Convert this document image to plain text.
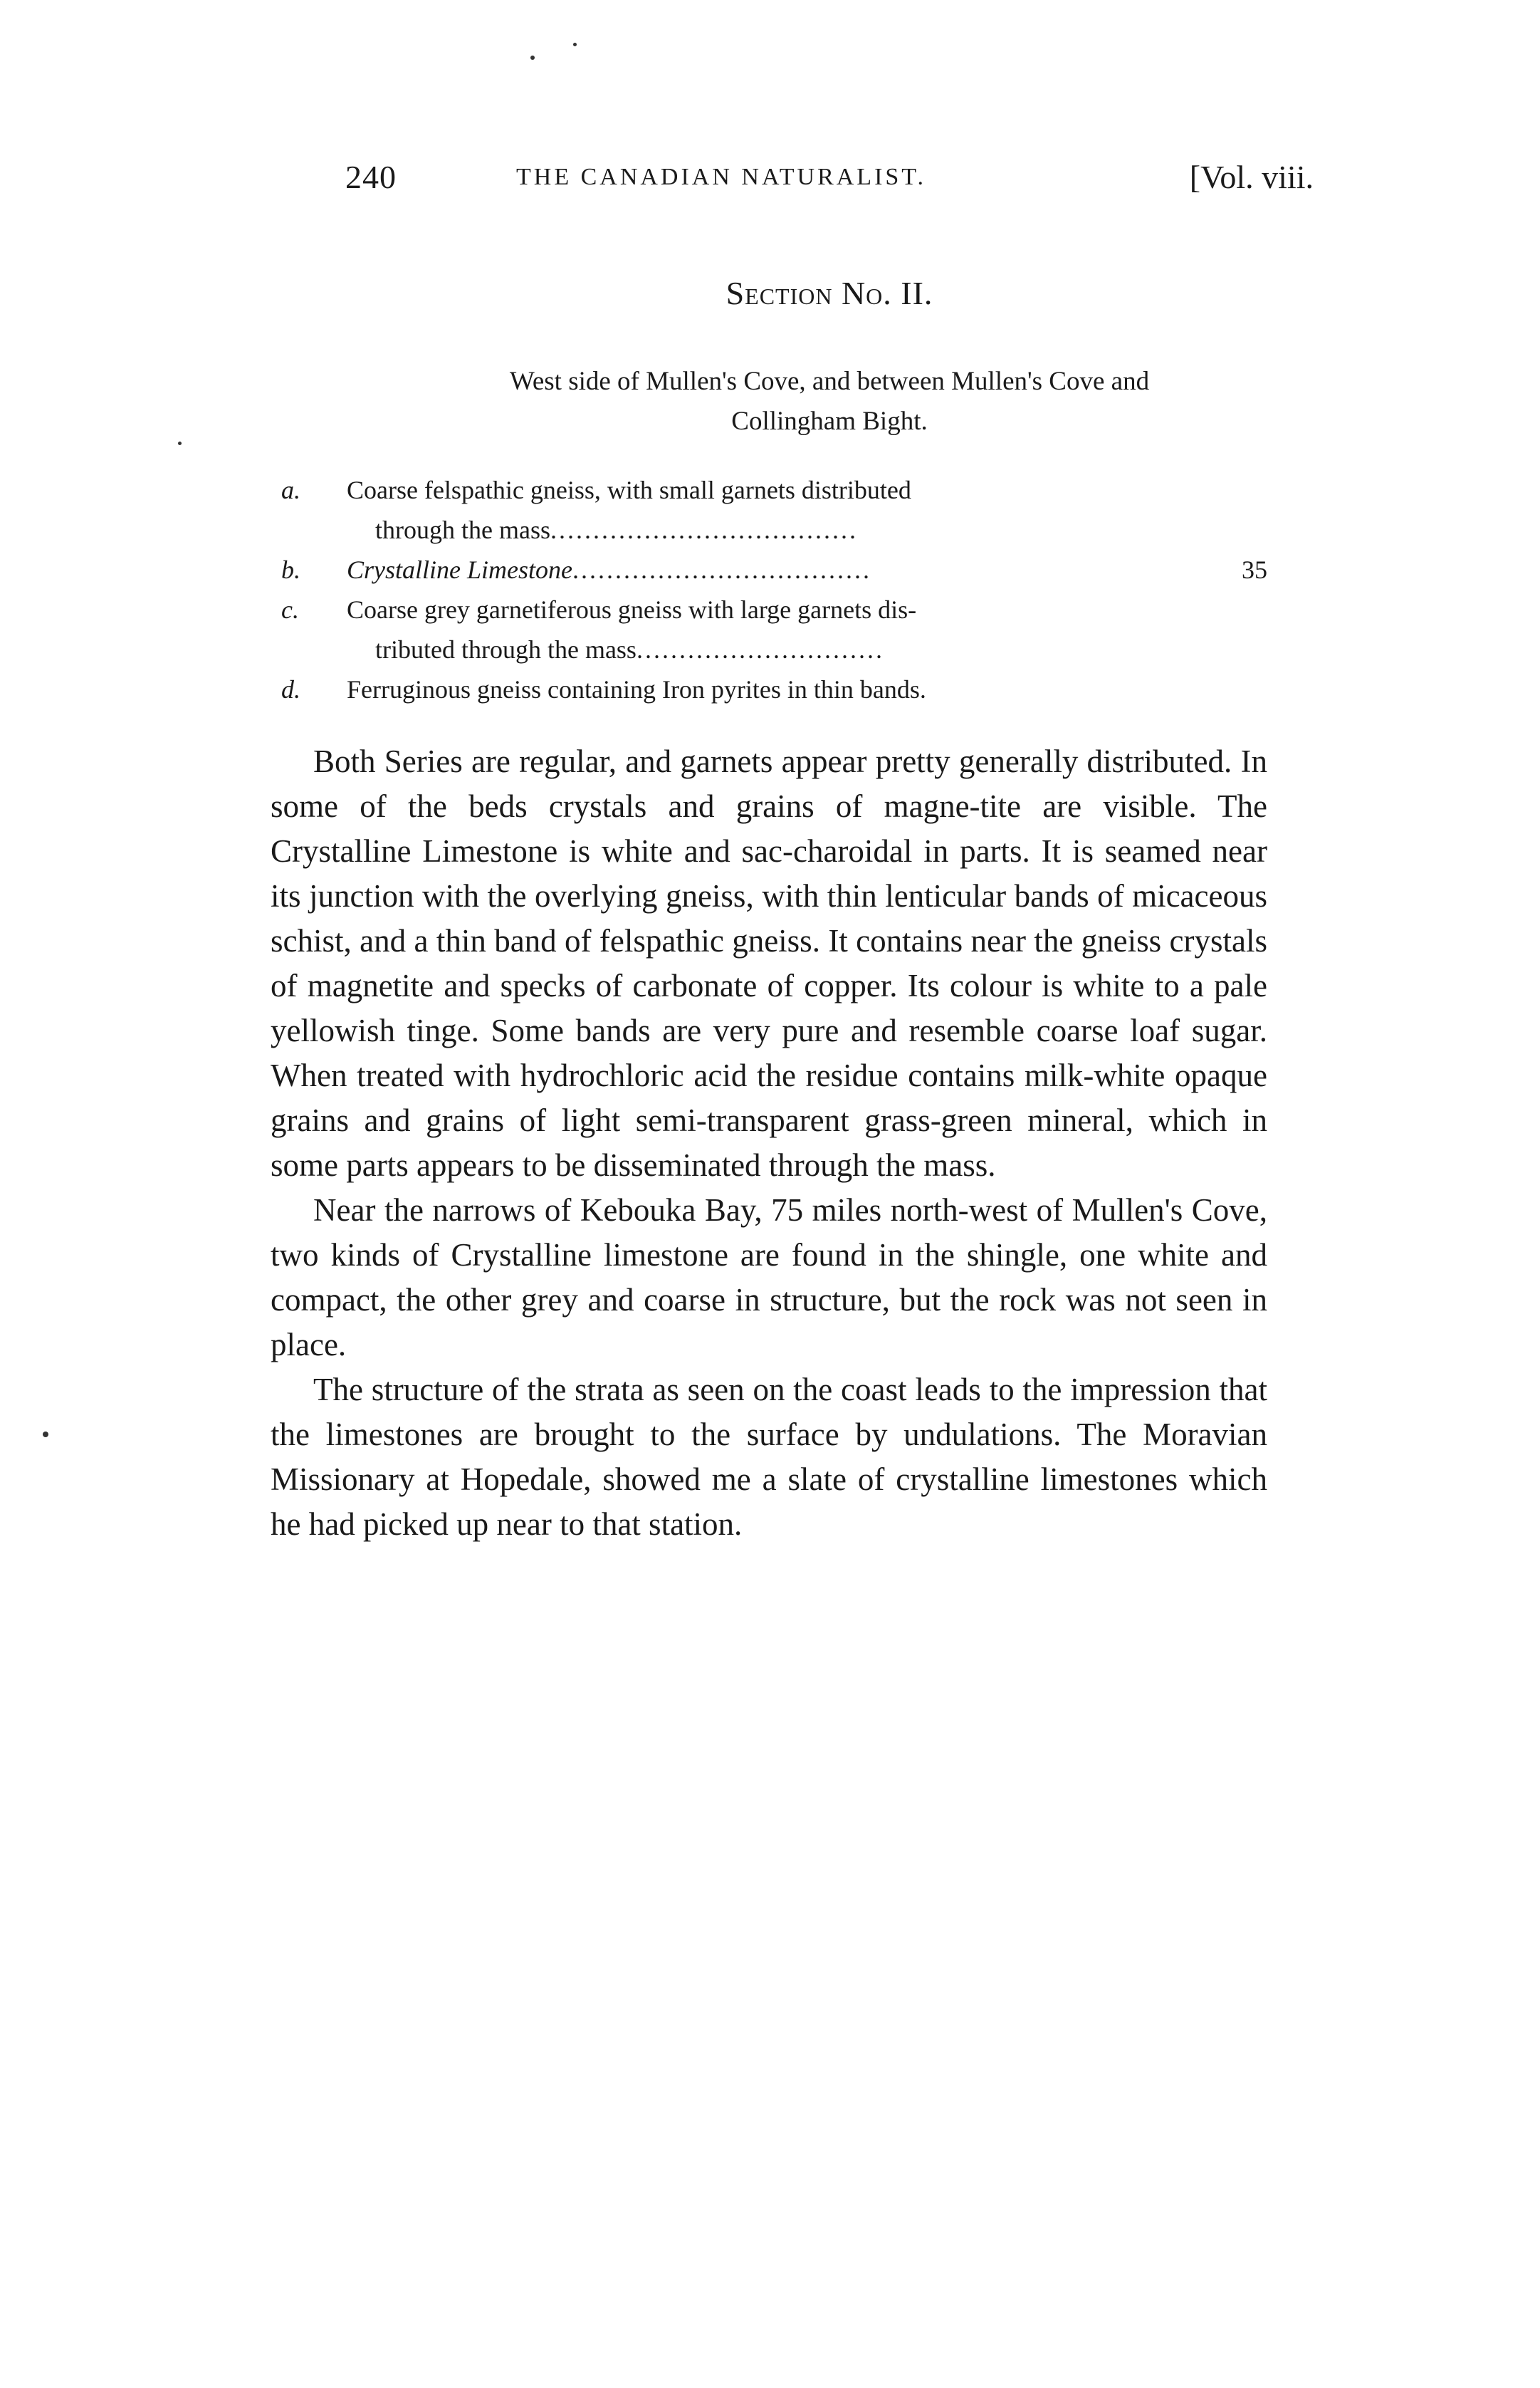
240	THE CANADIAN NATURALIST.	[Vol. viii.
Section No. II.
West side of Mullen's Cove, and between Mullen's Cove and
Collingham Bight.
a. Coarse felspathic gneiss, with small garnets distributed
through the mass....................................
b. Crystalline Limestone...................................	35
c. Coarse grey garnetiferous gneiss with large garnets dis-
tributed through the mass.............................
d. Ferruginous gneiss containing Iron pyrites in thin bands.

Both Series are regular, and garnets appear pretty generally distributed. In some of the beds crystals and grains of magne-tite are visible. The Crystalline Limestone is white and sac-charoidal in parts. It is seamed near its junction with the overlying gneiss, with thin lenticular bands of micaceous schist, and a thin band of felspathic gneiss. It contains near the gneiss crystals of magnetite and specks of carbonate of copper. Its colour is white to a pale yellowish tinge. Some bands are very pure and resemble coarse loaf sugar. When treated with hydrochloric acid the residue contains milk-white opaque grains and grains of light semi-transparent grass-green mineral, which in some parts appears to be disseminated through the mass.

Near the narrows of Kebouka Bay, 75 miles north-west of Mullen's Cove, two kinds of Crystalline limestone are found in the shingle, one white and compact, the other grey and coarse in structure, but the rock was not seen in place.

The structure of the strata as seen on the coast leads to the impression that the limestones are brought to the surface by undulations. The Moravian Missionary at Hopedale, showed me a slate of crystalline limestones which he had picked up near to that station.
